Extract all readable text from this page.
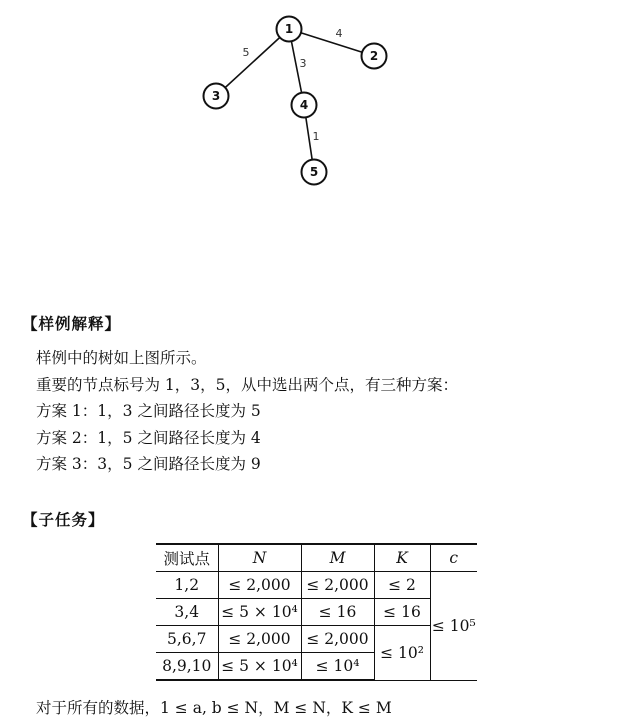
4
5
3
1
1
2
3
4
5
【样例解释】
样例中的树如上图所示。
重要的节点标号为 1，3，5，从中选出两个点，有三种方案：
方案 1：1，3 之间路径长度为 5
方案 2：1，5 之间路径长度为 4
方案 3：3，5 之间路径长度为 9
【子任务】
测试点	N	M	K	c
1,2	≤ 2,000	≤ 2,000	≤ 2	≤ 10⁵
3,4	≤ 5 × 10⁴	≤ 16	≤ 16	
5,6,7	≤ 2,000	≤ 2,000	≤ 10²	
8,9,10	≤ 5 × 10⁴	≤ 10⁴		
对于所有的数据，1 ≤ a, b ≤ N，M ≤ N，K ≤ M
